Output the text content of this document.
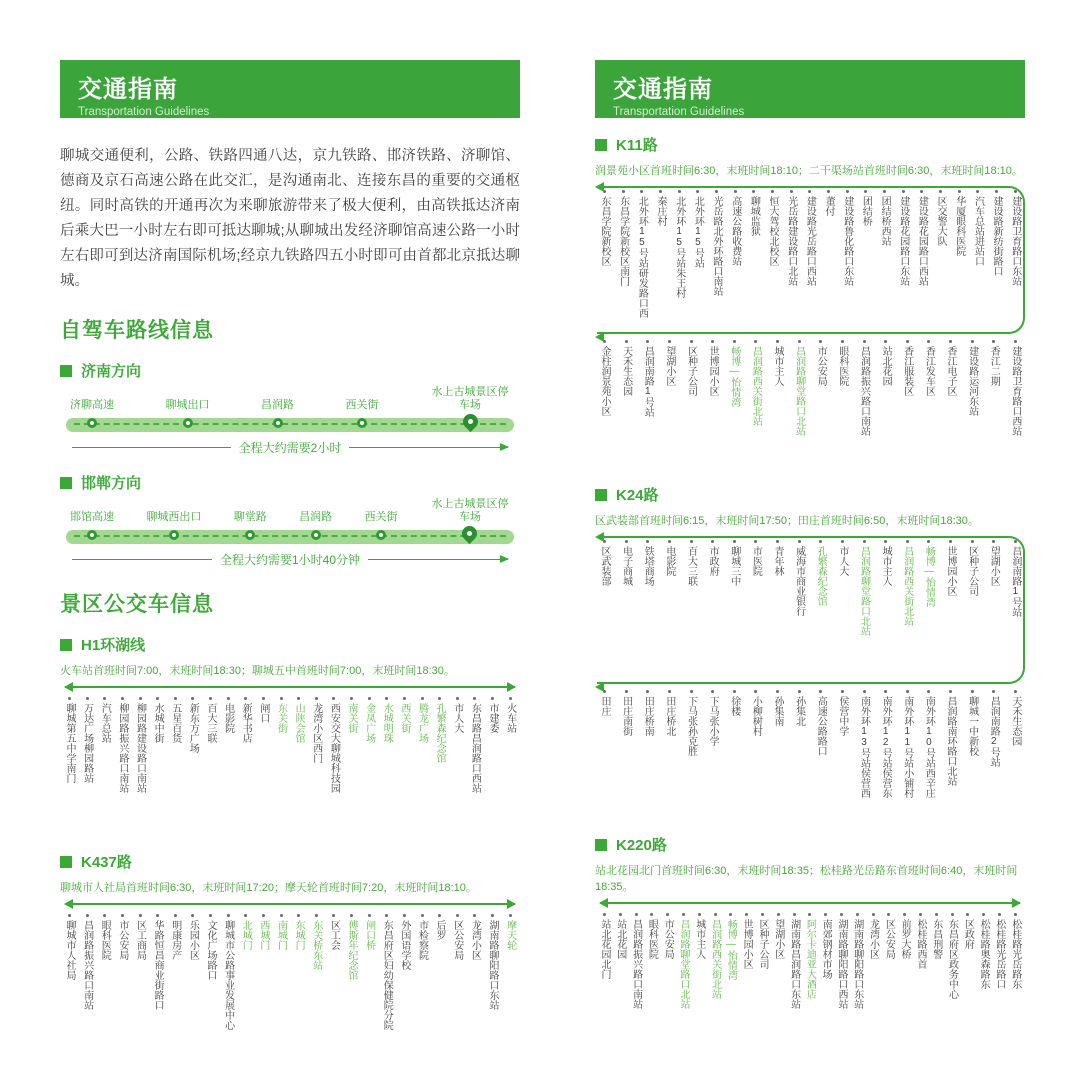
交通指南
Transportation Guidelines

聊城交通便利，公路、铁路四通八达，京九铁路、邯济铁路、济聊馆、德商及京石高速公路在此交汇，是沟通南北、连接东昌的重要的交通枢纽。同时高铁的开通再次为来聊旅游带来了极大便利，由高铁抵达济南后乘大巴一小时左右即可抵达聊城;从聊城出发经济聊馆高速公路一小时左右即可到达济南国际机场;经京九铁路四五小时即可由首都北京抵达聊城。

自驾车路线信息
济南方向
济聊高速	聊城出口	昌润路	西关街
水上古城景区停车场
全程大约需要2小时
邯郸方向
邯馆高速	聊城西出口	聊堂路	昌润路	西关街
水上古城景区停车场
全程大约需要1小时40分钟
景区公交车信息
H1环湖线
火车站首班时间7:00，末班时间18:30；聊城五中首班时间7:00，末班时间18:30。
聊城第五中学南门 万达广场柳园路站 汽车总站 柳园路振兴路口南站 柳园路建设路口南站 水城中街 五星百货 新东方广场 百大三联 电影院 新华书店 闸口 东关街 山陕会馆 龙湾小区西门 西安交大聊城科技园 南关街 金凤广场 水城明珠 西关街 腾龙广场 孔繁森纪念馆 市人大 东昌路昌润路口西站 市建委 火车站
K437路
聊城市人社局首班时间6:30，末班时间17:20；摩天轮首班时间7:20，末班时间18:10。
聊城市人社局 昌润路振兴路口南站 眼科医院 市公安局 区工商局 华路恒昌商业街路口 明康房产 乐园小区 文化广场路口 聊城市公路事业发展中心 北城门 西城门 南城门 东城门 东关桥东站 区工会 傅斯年纪念馆 闸口桥 东昌府区妇幼保健院分院 外国语学校 市检察院 后罗 区公安局 龙湾小区 湖南路聊阳路口东站 摩天轮
交通指南
Transportation Guidelines
K11路
润景苑小区首班时间6:30，末班时间18:10；二干渠场站首班时间6:30，末班时间18:10。
东昌学院新校区 东昌学院新校区南门 北外环15号站研发路口西 秦庄村 北外环15号站朱王村 北外环15号站 光岳路北外环路口南站 高速公路收费站 聊城监狱 恒大驾校北校区 光岳路建设路口北站 建设路光岳路口西站 董付 建设路鲁化路口东站 团结桥 团结桥西站 建设路花园路口东站 建设路花园路口西站 区交警大队 华厦眼科医院 汽车总站进站口 建设路新纺街路口 建设路卫育路口东站
金柱润景苑小区 天禾生态园 昌润南路1号站 望湖小区 区种子公司 世博园小区 畅博—怡情湾 昌润路西关街北站 城市主人 昌润路聊堂路口北站 市公安局 眼科医院 昌润路振兴路口南站 站北花园 香江服装区 香江发车区 香江电子区 建设路运河东站 香江二期 建设路卫育路口西站
K24路
区武装部首班时间6:15，末班时间17:50；田庄首班时间6:50，末班时间18:30。
区武装部 电子商城 铁塔商场 电影院 百大三联 市政府 聊城三中 市医院 青年林 威海市商业银行 孔繁森纪念馆 市人大 昌润路聊堂路口北站 城市主人 昌润路西关街北站 畅博—怡情湾 世博园小区 区种子公司 望湖小区 昌润南路1号站
田庄 田庄南街 田庄桥南 田庄桥北 下马张孙克胜 下马张小学 徐楼 小柳树村 孙集南 孙集北 高速公路路口 侯营中学 南外环13号站侯营西 南外环12号站侯营东 南外环11号站小铺村 南外环10号站西辛庄 昌润路南环路口北站 聊城一中新校 昌润南路2号站 天禾生态园
K220路
站北花园北门首班时间6:30，末班时间18:35；松桂路光岳路东首班时间6:40，末班时间18:35。
站北花园北门 站北花园 昌润路振兴路口南站 眼科医院 市公安局 昌润路聊堂路口北站 城市主人 昌润路西关街北站 畅博—怡情湾 世博园小区 区种子公司 望湖小区 湖南路昌润路口东站 阿尔卡迪亚大酒店 南郊钢材市场 湖南路聊阳路口西站 湖南路聊阳路口东站 龙湾小区 区公安局 前罗大桥 松桂路西首 东昌刑警 东昌府区政务中心 区政府 松桂路奥森路东 松桂路光岳路口 松桂路光岳路东
